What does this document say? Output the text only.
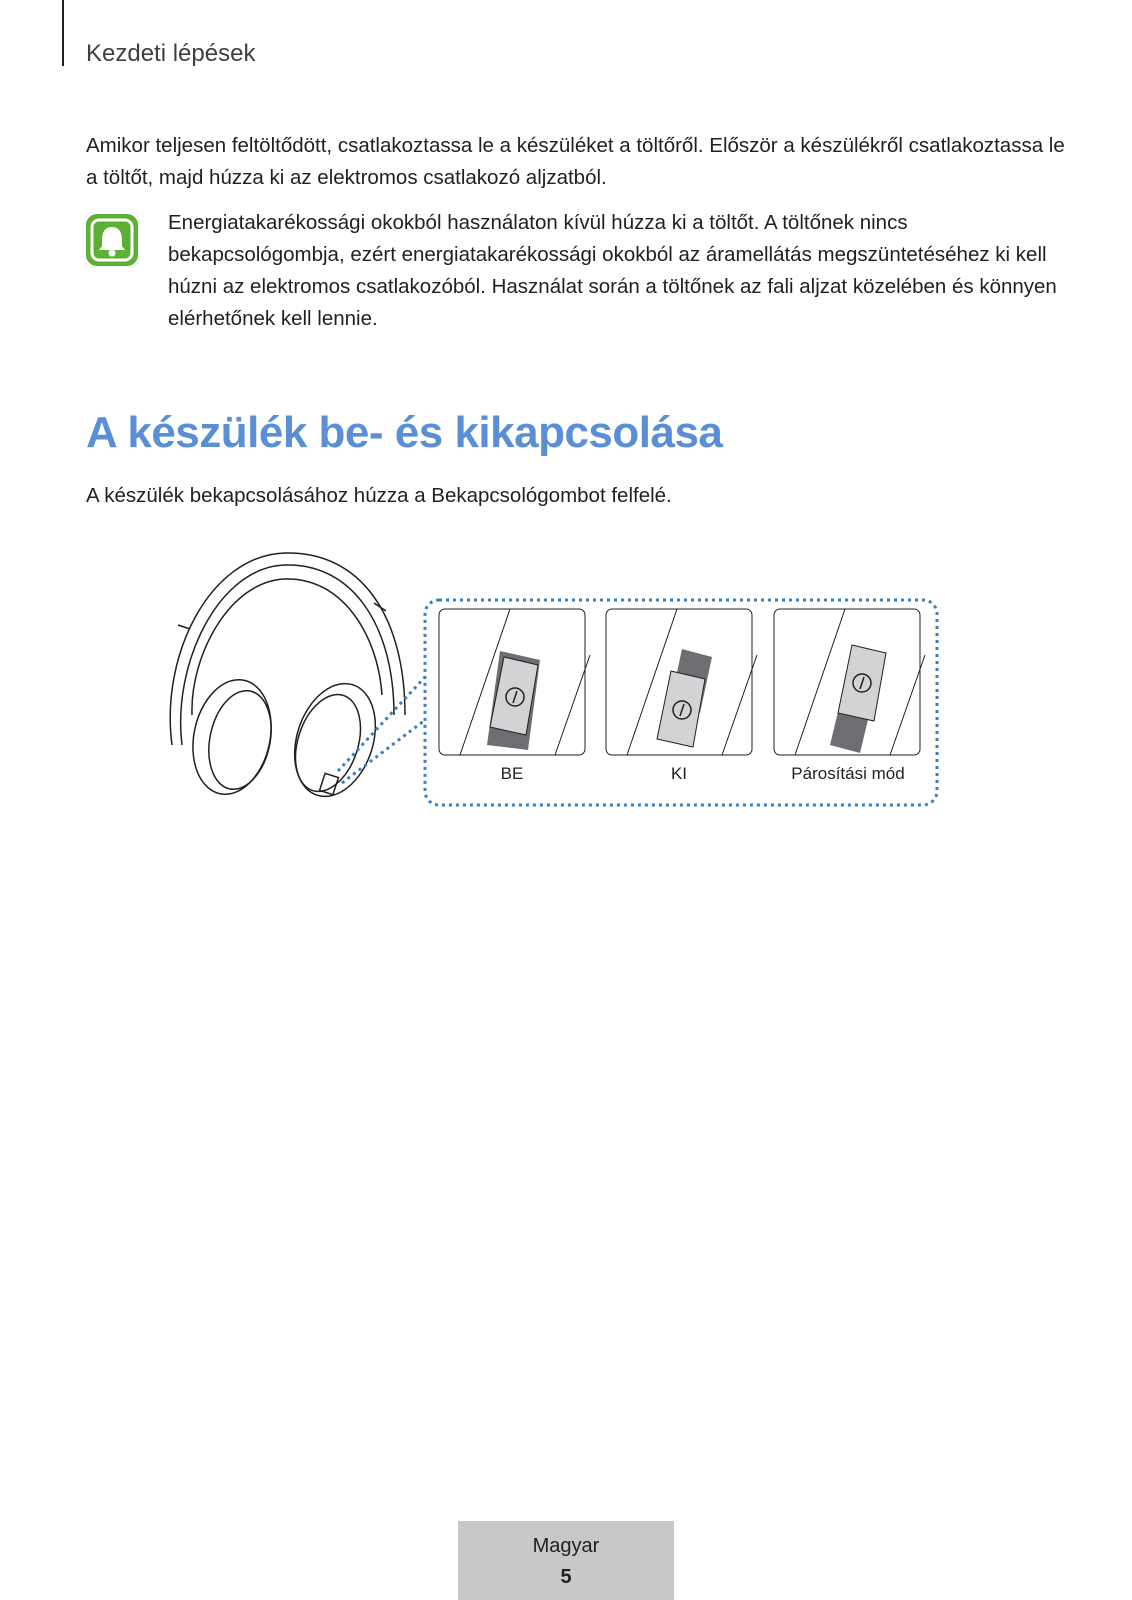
Kezdeti lépések

Amikor teljesen feltöltődött, csatlakoztassa le a készüléket a töltőről. Először a készülékről csatlakoztassa le a töltőt, majd húzza ki az elektromos csatlakozó aljzatból.

Energiatakarékossági okokból használaton kívül húzza ki a töltőt. A töltőnek nincs bekapcsológombja, ezért energiatakarékossági okokból az áramellátás megszüntetéséhez ki kell húzni az elektromos csatlakozóból. Használat során a töltőnek az fali aljzat közelében és könnyen elérhetőnek kell lennie.

A készülék be- és kikapcsolása

A készülék bekapcsolásához húzza a Bekapcsológombot felfelé.

BE	KI	Párosítási mód
Magyar
5
